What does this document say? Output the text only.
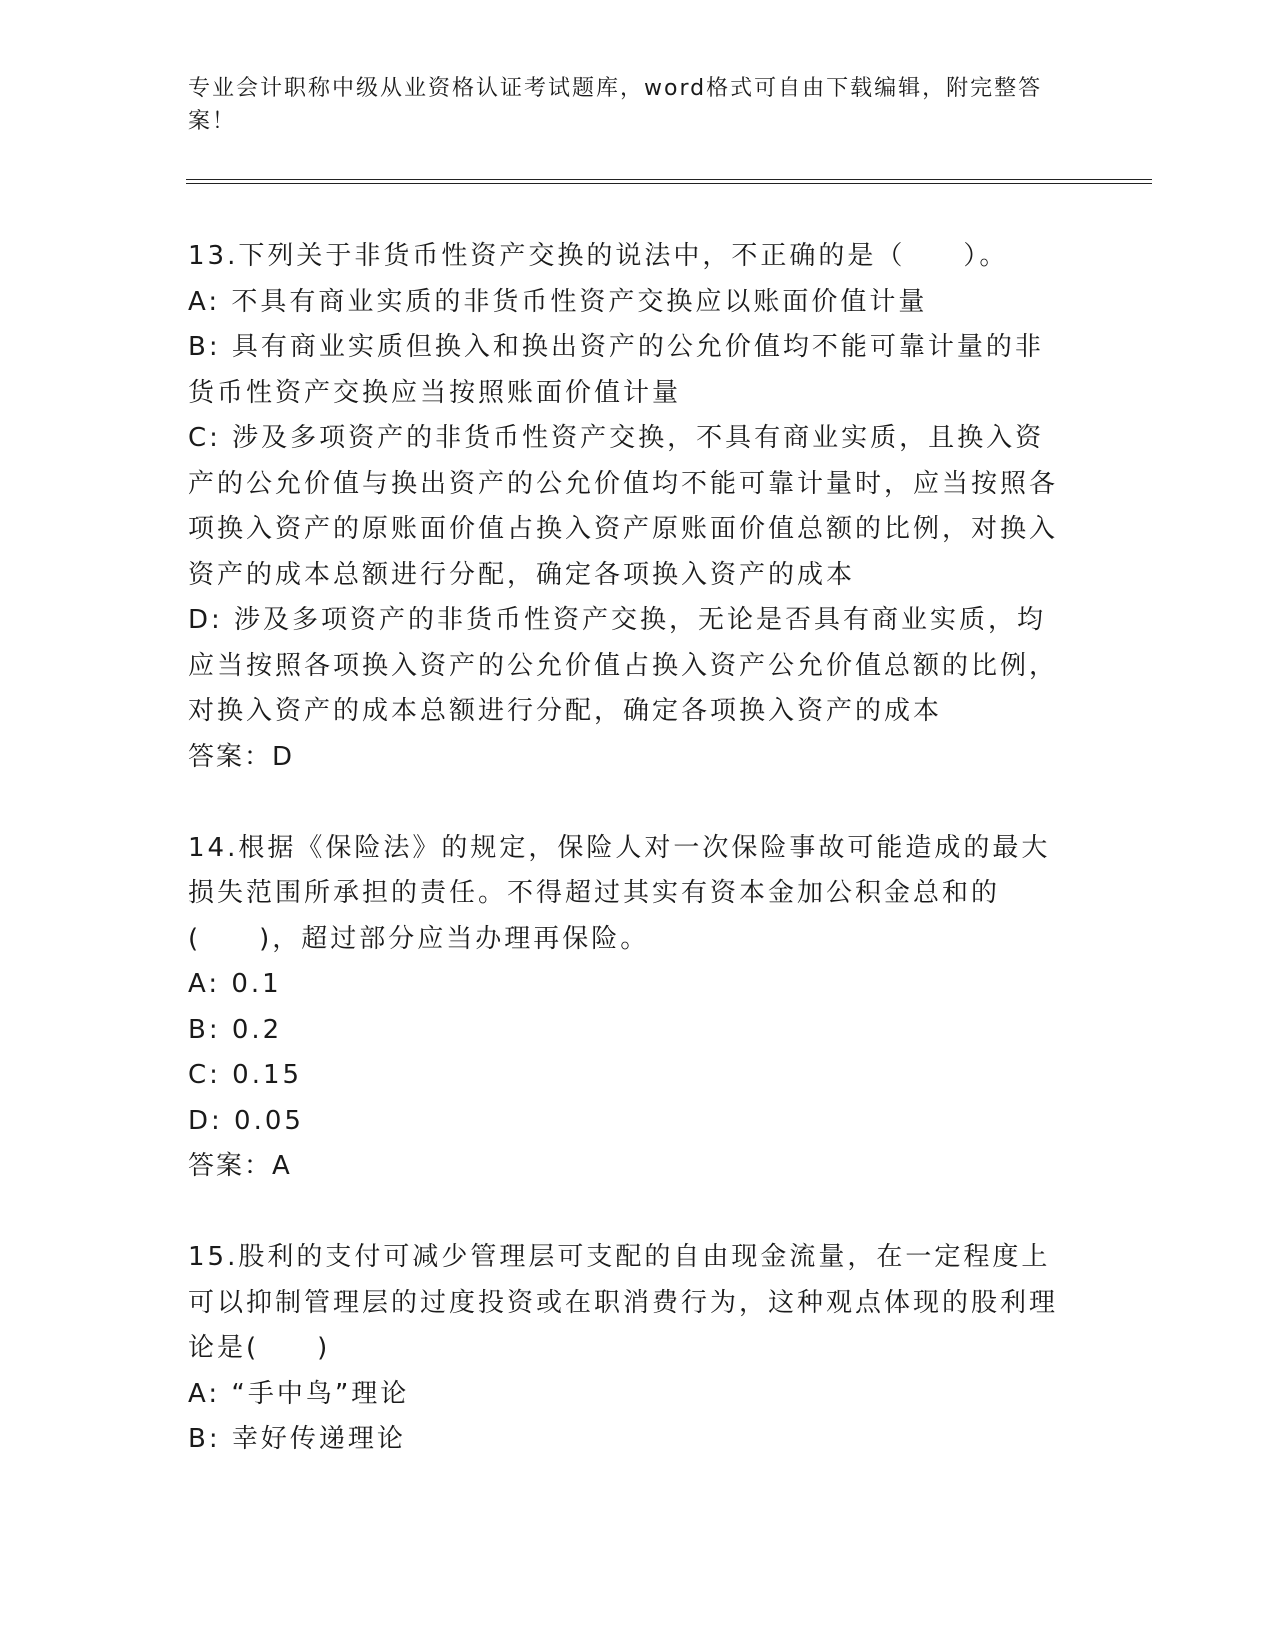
专业会计职称中级从业资格认证考试题库，word格式可自由下载编辑，附完整答案！

13.下列关于非货币性资产交换的说法中，不正确的是（　　）。

A: 不具有商业实质的非货币性资产交换应以账面价值计量

B: 具有商业实质但换入和换出资产的公允价值均不能可靠计量的非货币性资产交换应当按照账面价值计量

C: 涉及多项资产的非货币性资产交换，不具有商业实质，且换入资产的公允价值与换出资产的公允价值均不能可靠计量时，应当按照各项换入资产的原账面价值占换入资产原账面价值总额的比例，对换入资产的成本总额进行分配，确定各项换入资产的成本

D: 涉及多项资产的非货币性资产交换，无论是否具有商业实质，均应当按照各项换入资产的公允价值占换入资产公允价值总额的比例，对换入资产的成本总额进行分配，确定各项换入资产的成本

答案：D

14.根据《保险法》的规定，保险人对一次保险事故可能造成的最大损失范围所承担的责任。不得超过其实有资本金加公积金总和的(　　)，超过部分应当办理再保险。

A: 0.1

B: 0.2

C: 0.15

D: 0.05

答案：A

15.股利的支付可减少管理层可支配的自由现金流量，在一定程度上可以抑制管理层的过度投资或在职消费行为，这种观点体现的股利理论是(　　)

A: “手中鸟”理论

B: 幸好传递理论
